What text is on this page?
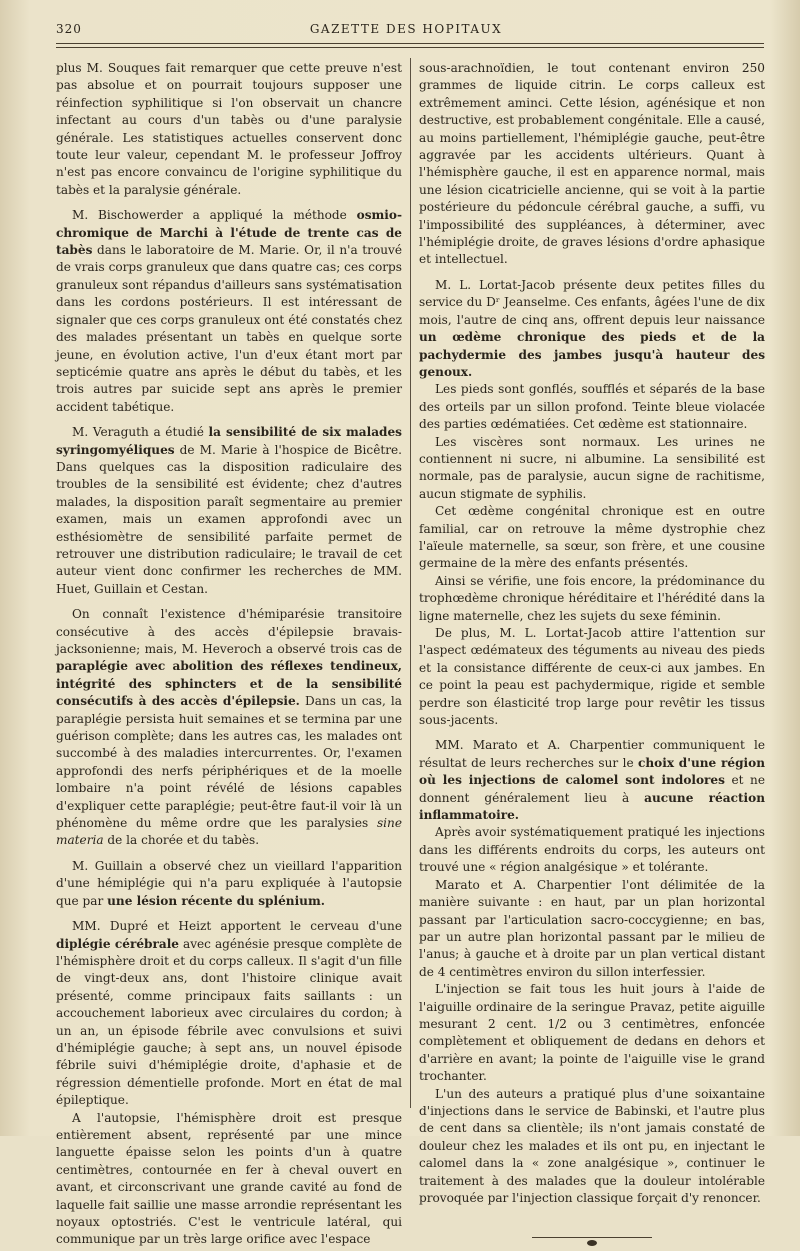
320	GAZETTE DES HOPITAUX

plus M. Souques fait remarquer que cette preuve n'est pas absolue et on pourrait toujours supposer une réinfection syphilitique si l'on observait un chancre infectant au cours d'un tabès ou d'une paralysie générale. Les statistiques actuelles conservent donc toute leur valeur, cependant M. le professeur Joffroy n'est pas encore convaincu de l'origine syphilitique du tabès et la paralysie générale.

M. Bischowerder a appliqué la méthode osmio-chromique de Marchi à l'étude de trente cas de tabès dans le laboratoire de M. Marie. Or, il n'a trouvé de vrais corps granuleux que dans quatre cas; ces corps granuleux sont répandus d'ailleurs sans systématisation dans les cordons postérieurs. Il est intéressant de signaler que ces corps granuleux ont été constatés chez des malades présentant un tabès en quelque sorte jeune, en évolution active, l'un d'eux étant mort par septicémie quatre ans après le début du tabès, et les trois autres par suicide sept ans après le premier accident tabétique.

M. Veraguth a étudié la sensibilité de six malades syringomyéliques de M. Marie à l'hospice de Bicêtre. Dans quelques cas la disposition radiculaire des troubles de la sensibilité est évidente; chez d'autres malades, la disposition paraît segmentaire au premier examen, mais un examen approfondi avec un esthésiomètre de sensibilité parfaite permet de retrouver une distribution radiculaire; le travail de cet auteur vient donc confirmer les recherches de MM. Huet, Guillain et Cestan.

On connaît l'existence d'hémiparésie transitoire consécutive à des accès d'épilepsie bravais-jacksonienne; mais, M. Heveroch a observé trois cas de paraplégie avec abolition des réflexes tendineux, intégrité des sphincters et de la sensibilité consécutifs à des accès d'épilepsie. Dans un cas, la paraplégie persista huit semaines et se termina par une guérison complète; dans les autres cas, les malades ont succombé à des maladies intercurrentes. Or, l'examen approfondi des nerfs périphériques et de la moelle lombaire n'a point révélé de lésions capables d'expliquer cette paraplégie; peut-être faut-il voir là un phénomène du même ordre que les paralysies sine materia de la chorée et du tabès.

M. Guillain a observé chez un vieillard l'apparition d'une hémiplégie qui n'a paru expliquée à l'autopsie que par une lésion récente du splénium.

MM. Dupré et Heizt apportent le cerveau d'une diplégie cérébrale avec agénésie presque complète de l'hémisphère droit et du corps calleux. Il s'agit d'un fille de vingt-deux ans, dont l'histoire clinique avait présenté, comme principaux faits saillants : un accouchement laborieux avec circulaires du cordon; à un an, un épisode fébrile avec convulsions et suivi d'hémiplégie gauche; à sept ans, un nouvel épisode fébrile suivi d'hémiplégie droite, d'aphasie et de régression démentielle profonde. Mort en état de mal épileptique.

A l'autopsie, l'hémisphère droit est presque entièrement absent, représenté par une mince languette épaisse selon les points d'un à quatre centimètres, contournée en fer à cheval ouvert en avant, et circonscrivant une grande cavité au fond de laquelle fait saillie une masse arrondie représentant les noyaux optostriés. C'est le ventricule latéral, qui communique par un très large orifice avec l'espace

sous-arachnoïdien, le tout contenant environ 250 grammes de liquide citrin. Le corps calleux est extrêmement aminci. Cette lésion, agénésique et non destructive, est probablement congénitale. Elle a causé, au moins partiellement, l'hémiplégie gauche, peut-être aggravée par les accidents ultérieurs. Quant à l'hémisphère gauche, il est en apparence normal, mais une lésion cicatricielle ancienne, qui se voit à la partie postérieure du pédoncule cérébral gauche, a suffi, vu l'impossibilité des suppléances, à déterminer, avec l'hémiplégie droite, de graves lésions d'ordre aphasique et intellectuel.

M. L. Lortat-Jacob présente deux petites filles du service du Dʳ Jeanselme. Ces enfants, âgées l'une de dix mois, l'autre de cinq ans, offrent depuis leur naissance un œdème chronique des pieds et de la pachydermie des jambes jusqu'à hauteur des genoux.

Les pieds sont gonflés, soufflés et séparés de la base des orteils par un sillon profond. Teinte bleue violacée des parties œdématiées. Cet œdème est stationnaire.

Les viscères sont normaux. Les urines ne contiennent ni sucre, ni albumine. La sensibilité est normale, pas de paralysie, aucun signe de rachitisme, aucun stigmate de syphilis.

Cet œdème congénital chronique est en outre familial, car on retrouve la même dystrophie chez l'aïeule maternelle, sa sœur, son frère, et une cousine germaine de la mère des enfants présentés.

Ainsi se vérifie, une fois encore, la prédominance du trophœdème chronique héréditaire et l'hérédité dans la ligne maternelle, chez les sujets du sexe féminin.

De plus, M. L. Lortat-Jacob attire l'attention sur l'aspect œdémateux des téguments au niveau des pieds et la consistance différente de ceux-ci aux jambes. En ce point la peau est pachydermique, rigide et semble perdre son élasticité trop large pour revêtir les tissus sous-jacents.

MM. Marato et A. Charpentier communiquent le résultat de leurs recherches sur le choix d'une région où les injections de calomel sont indolores et ne donnent généralement lieu à aucune réaction inflammatoire.

Après avoir systématiquement pratiqué les injections dans les différents endroits du corps, les auteurs ont trouvé une « région analgésique » et tolérante.

Marato et A. Charpentier l'ont délimitée de la manière suivante : en haut, par un plan horizontal passant par l'articulation sacro-coccygienne; en bas, par un autre plan horizontal passant par le milieu de l'anus; à gauche et à droite par un plan vertical distant de 4 centimètres environ du sillon interfessier.

L'injection se fait tous les huit jours à l'aide de l'aiguille ordinaire de la seringue Pravaz, petite aiguille mesurant 2 cent. 1/2 ou 3 centimètres, enfoncée complètement et obliquement de dedans en dehors et d'arrière en avant; la pointe de l'aiguille vise le grand trochanter.

L'un des auteurs a pratiqué plus d'une soixantaine d'injections dans le service de Babinski, et l'autre plus de cent dans sa clientèle; ils n'ont jamais constaté de douleur chez les malades et ils ont pu, en injectant le calomel dans la « zone analgésique », continuer le traitement à des malades que la douleur intolérable provoquée par l'injection classique forçait d'y renoncer.
